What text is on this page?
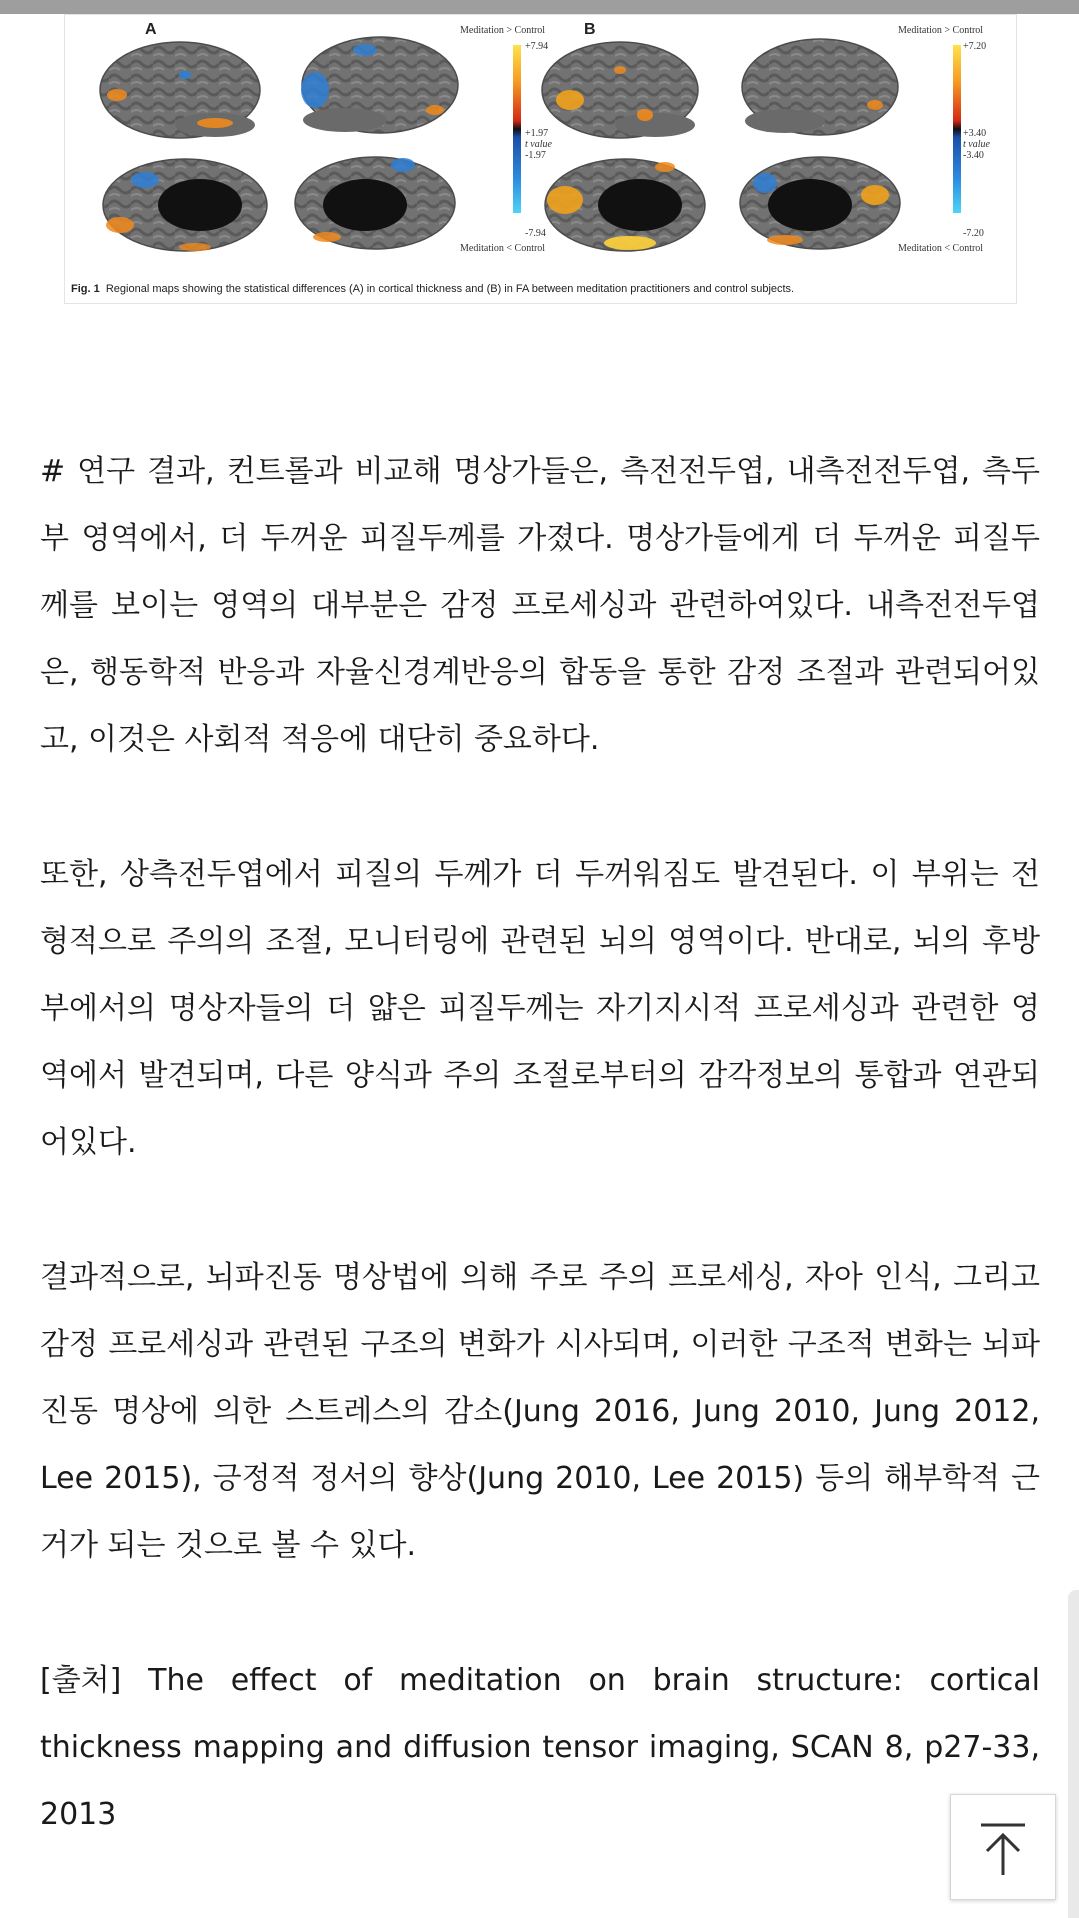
A	B
Meditation > Control
+7.94
+1.97
t value
-1.97
-7.94
Meditation < Control
Meditation > Control
+7.20
+3.40
t value
-3.40
-7.20
Meditation < Control
Fig. 1 Regional maps showing the statistical differences (A) in cortical thickness and (B) in FA between meditation practitioners and control subjects.

# 연구 결과, 컨트롤과 비교해 명상가들은, 측전전두엽, 내측전전두엽, 측두부 영역에서, 더 두꺼운 피질두께를 가졌다. 명상가들에게 더 두꺼운 피질두께를 보이는 영역의 대부분은 감정 프로세싱과 관련하여있다. 내측전전두엽은, 행동학적 반응과 자율신경계반응의 합동을 통한 감정 조절과 관련되어있고, 이것은 사회적 적응에 대단히 중요하다.

또한, 상측전두엽에서 피질의 두께가 더 두꺼워짐도 발견된다. 이 부위는 전형적으로 주의의 조절, 모니터링에 관련된 뇌의 영역이다. 반대로, 뇌의 후방부에서의 명상자들의 더 얇은 피질두께는 자기지시적 프로세싱과 관련한 영역에서 발견되며, 다른 양식과 주의 조절로부터의 감각정보의 통합과 연관되어있다.

결과적으로, 뇌파진동 명상법에 의해 주로 주의 프로세싱, 자아 인식, 그리고 감정 프로세싱과 관련된 구조의 변화가 시사되며, 이러한 구조적 변화는 뇌파진동 명상에 의한 스트레스의 감소(Jung 2016, Jung 2010, Jung 2012, Lee 2015), 긍정적 정서의 향상(Jung 2010, Lee 2015) 등의 해부학적 근거가 되는 것으로 볼 수 있다.

[출처] The effect of meditation on brain structure: cortical thickness mapping and diffusion tensor imaging, SCAN 8, p27-33, 2013
